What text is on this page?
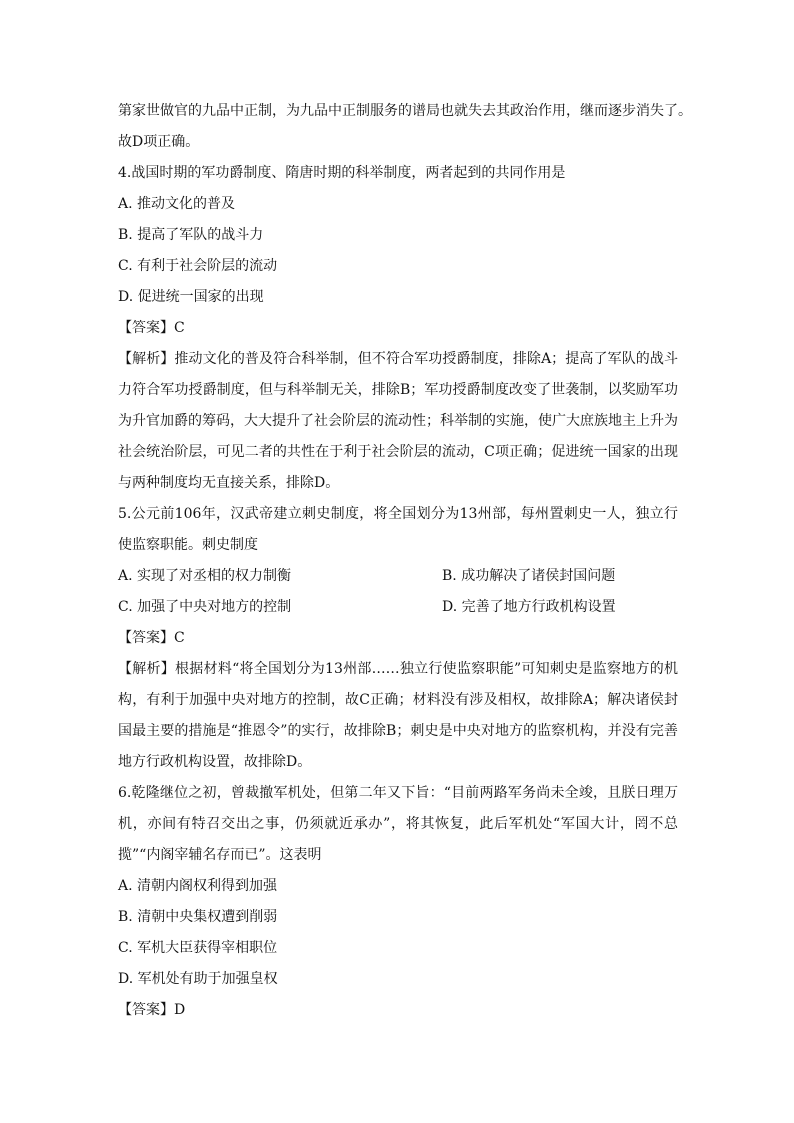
第家世做官的九品中正制，为九品中正制服务的谱局也就失去其政治作用，继而逐步消失了。
故D项正确。
4.战国时期的军功爵制度、隋唐时期的科举制度，两者起到的共同作用是
A. 推动文化的普及
B. 提高了军队的战斗力
C. 有利于社会阶层的流动
D. 促进统一国家的出现
【答案】C
【解析】推动文化的普及符合科举制，但不符合军功授爵制度，排除A；提高了军队的战斗力符合军功授爵制度，但与科举制无关，排除B；军功授爵制度改变了世袭制，以奖励军功为升官加爵的筹码，大大提升了社会阶层的流动性；科举制的实施，使广大庶族地主上升为社会统治阶层，可见二者的共性在于利于社会阶层的流动，C项正确；促进统一国家的出现与两种制度均无直接关系，排除D。
5.公元前106年，汉武帝建立刺史制度，将全国划分为13州部，每州置刺史一人，独立行使监察职能。刺史制度
A. 实现了对丞相的权力制衡	B. 成功解决了诸侯封国问题
C. 加强了中央对地方的控制	D. 完善了地方行政机构设置
【答案】C
【解析】根据材料“将全国划分为13州部……独立行使监察职能”可知刺史是监察地方的机构，有利于加强中央对地方的控制，故C正确；材料没有涉及相权，故排除A；解决诸侯封国最主要的措施是“推恩令”的实行，故排除B；刺史是中央对地方的监察机构，并没有完善地方行政机构设置，故排除D。
6.乾隆继位之初，曾裁撤军机处，但第二年又下旨：“目前两路军务尚未全竣，且朕日理万机，亦间有特召交出之事，仍须就近承办”，将其恢复，此后军机处“军国大计，罔不总揽”“内阁宰辅名存而已”。这表明
A. 清朝内阁权利得到加强
B. 清朝中央集权遭到削弱
C. 军机大臣获得宰相职位
D. 军机处有助于加强皇权
【答案】D
